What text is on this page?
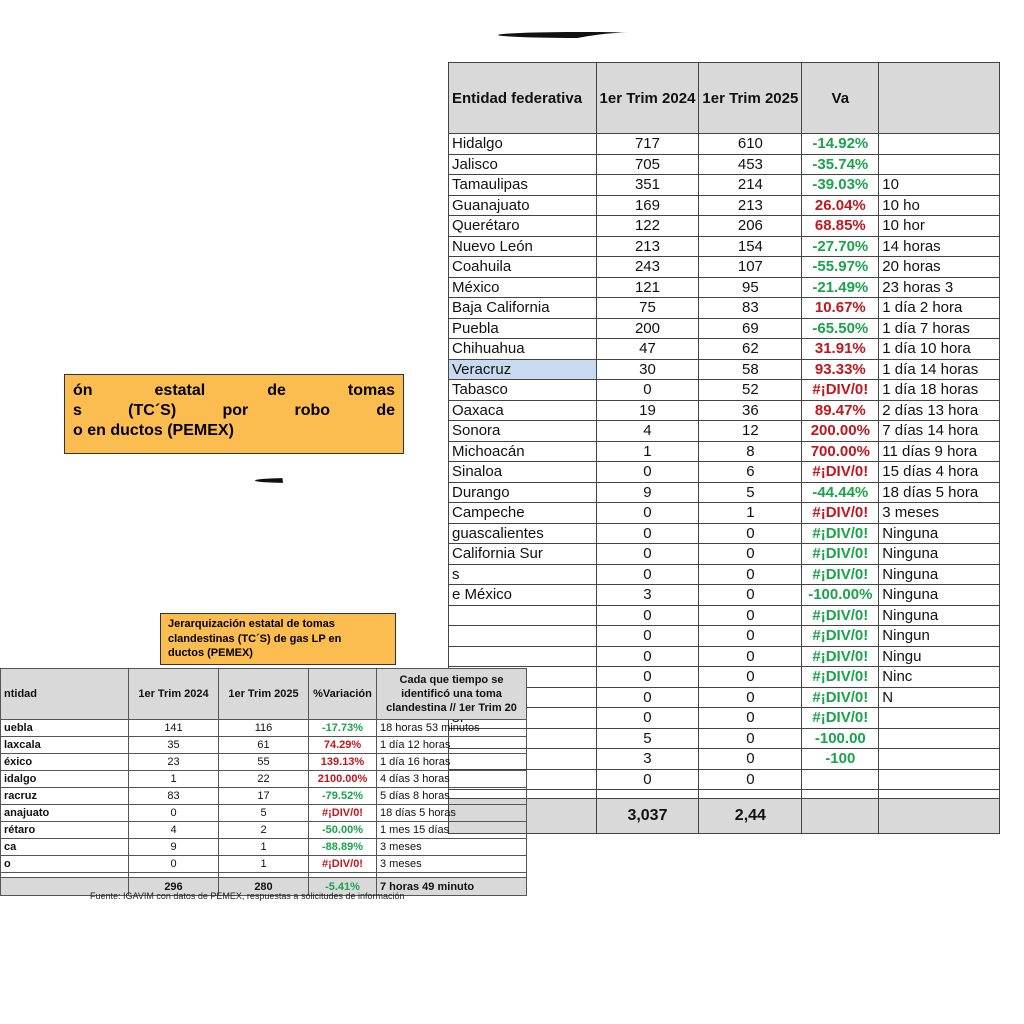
Entidad federativa	1er Trim 2024	1er Trim 2025	Va	
Hidalgo	717	610	-14.92%	
Jalisco	705	453	-35.74%	
Tamaulipas	351	214	-39.03%	10
Guanajuato	169	213	26.04%	10 ho
Querétaro	122	206	68.85%	10 hor
Nuevo León	213	154	-27.70%	14 horas
Coahuila	243	107	-55.97%	20 horas
México	121	95	-21.49%	23 horas 3
Baja California	75	83	10.67%	1 día 2 hora
Puebla	200	69	-65.50%	1 día 7 horas
Chihuahua	47	62	31.91%	1 día 10 hora
Veracruz	30	58	93.33%	1 día 14 horas
Tabasco	0	52	#¡DIV/0!	1 día 18 horas
Oaxaca	19	36	89.47%	2 días 13 hora
Sonora	4	12	200.00%	7 días 14 hora
Michoacán	1	8	700.00%	11 días 9 hora
Sinaloa	0	6	#¡DIV/0!	15 días 4 hora
Durango	9	5	-44.44%	18 días 5 hora
Campeche	0	1	#¡DIV/0!	3 meses
guascalientes	0	0	#¡DIV/0!	Ninguna
California Sur	0	0	#¡DIV/0!	Ninguna
s	0	0	#¡DIV/0!	Ninguna
e México	3	0	-100.00%	Ninguna
	0	0	#¡DIV/0!	Ninguna
	0	0	#¡DIV/0!	Ningun
	0	0	#¡DIV/0!	Ningu
	0	0	#¡DIV/0!	Ninc
	0	0	#¡DIV/0!	N
	0	0	#¡DIV/0!	
	5	0	-100.00	
	3	0	-100	
	0	0		

	3,037	2,44		
ón estatal de tomas
s (TC´S) por robo de
o en ductos (PEMEX)
Jerarquización estatal de tomas
clandestinas (TC´S) de gas LP en
ductos (PEMEX)
ntidad	1er Trim 2024	1er Trim 2025	%Variación	Cada que tiempo se identificó una toma clandestina // 1er Trim 20
uebla	141	116	-17.73%	18 horas 53 minutos
laxcala	35	61	74.29%	1 día 12 horas
éxico	23	55	139.13%	1 día 16 horas
idalgo	1	22	2100.00%	4 días 3 horas
racruz	83	17	-79.52%	5 días 8 horas
anajuato	0	5	#¡DIV/0!	18 días 5 horas
rétaro	4	2	-50.00%	1 mes 15 días
ca	9	1	-88.89%	3 meses
o	0	1	#¡DIV/0!	3 meses

	296	280	-5.41%	7 horas 49 minuto
Fuente: IGAVIM con datos de PEMEX, respuestas a solicitudes de información
